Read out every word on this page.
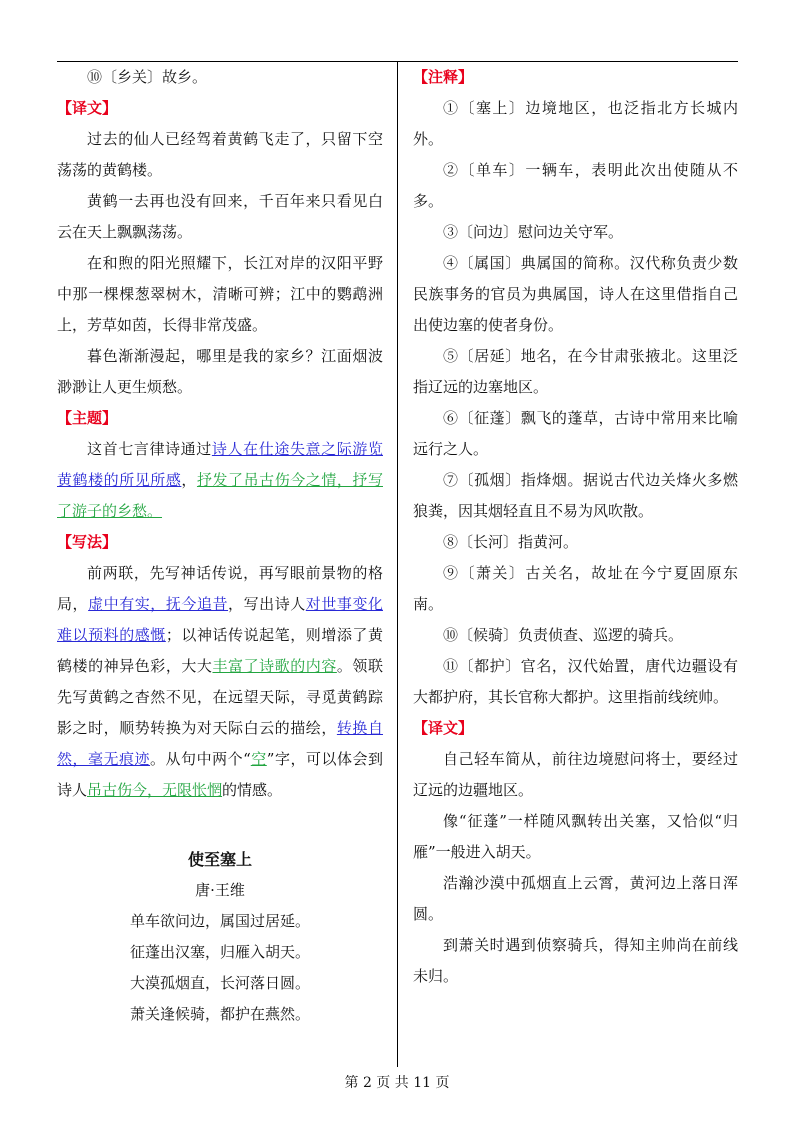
⑩〔乡关〕故乡。

【译文】

过去的仙人已经驾着黄鹤飞走了，只留下空荡荡的黄鹤楼。

黄鹤一去再也没有回来，千百年来只看见白云在天上飘飘荡荡。

在和煦的阳光照耀下，长江对岸的汉阳平野中那一棵棵葱翠树木，清晰可辨；江中的鹦鹉洲上，芳草如茵，长得非常茂盛。

暮色渐渐漫起，哪里是我的家乡？江面烟波渺渺让人更生烦愁。

【主题】

这首七言律诗通过诗人在仕途失意之际游览黄鹤楼的所见所感，抒发了吊古伤今之情，抒写了游子的乡愁。

【写法】

前两联，先写神话传说，再写眼前景物的格局，虚中有实，抚今追昔，写出诗人对世事变化难以预料的感慨；以神话传说起笔，则增添了黄鹤楼的神异色彩，大大丰富了诗歌的内容。领联先写黄鹤之杳然不见，在远望天际，寻觅黄鹤踪影之时，顺势转换为对天际白云的描绘，转换自然，毫无痕迹。从句中两个“空”字，可以体会到诗人吊古伤今，无限怅惘的情感。

使至塞上

唐·王维

单车欲问边，属国过居延。

征蓬出汉塞，归雁入胡天。

大漠孤烟直，长河落日圆。

萧关逢候骑，都护在燕然。

【注释】

①〔塞上〕边境地区，也泛指北方长城内外。

②〔单车〕一辆车，表明此次出使随从不多。

③〔问边〕慰问边关守军。

④〔属国〕典属国的简称。汉代称负责少数民族事务的官员为典属国，诗人在这里借指自己出使边塞的使者身份。

⑤〔居延〕地名，在今甘肃张掖北。这里泛指辽远的边塞地区。

⑥〔征蓬〕飘飞的蓬草，古诗中常用来比喻远行之人。

⑦〔孤烟〕指烽烟。据说古代边关烽火多燃狼粪，因其烟轻直且不易为风吹散。

⑧〔长河〕指黄河。

⑨〔萧关〕古关名，故址在今宁夏固原东南。

⑩〔候骑〕负责侦查、巡逻的骑兵。

⑪〔都护〕官名，汉代始置，唐代边疆设有大都护府，其长官称大都护。这里指前线统帅。

【译文】

自己轻车简从，前往边境慰问将士，要经过辽远的边疆地区。

像“征蓬”一样随风飘转出关塞，又恰似“归雁”一般进入胡天。

浩瀚沙漠中孤烟直上云霄，黄河边上落日浑圆。

到萧关时遇到侦察骑兵，得知主帅尚在前线未归。

第 2 页 共 11 页
